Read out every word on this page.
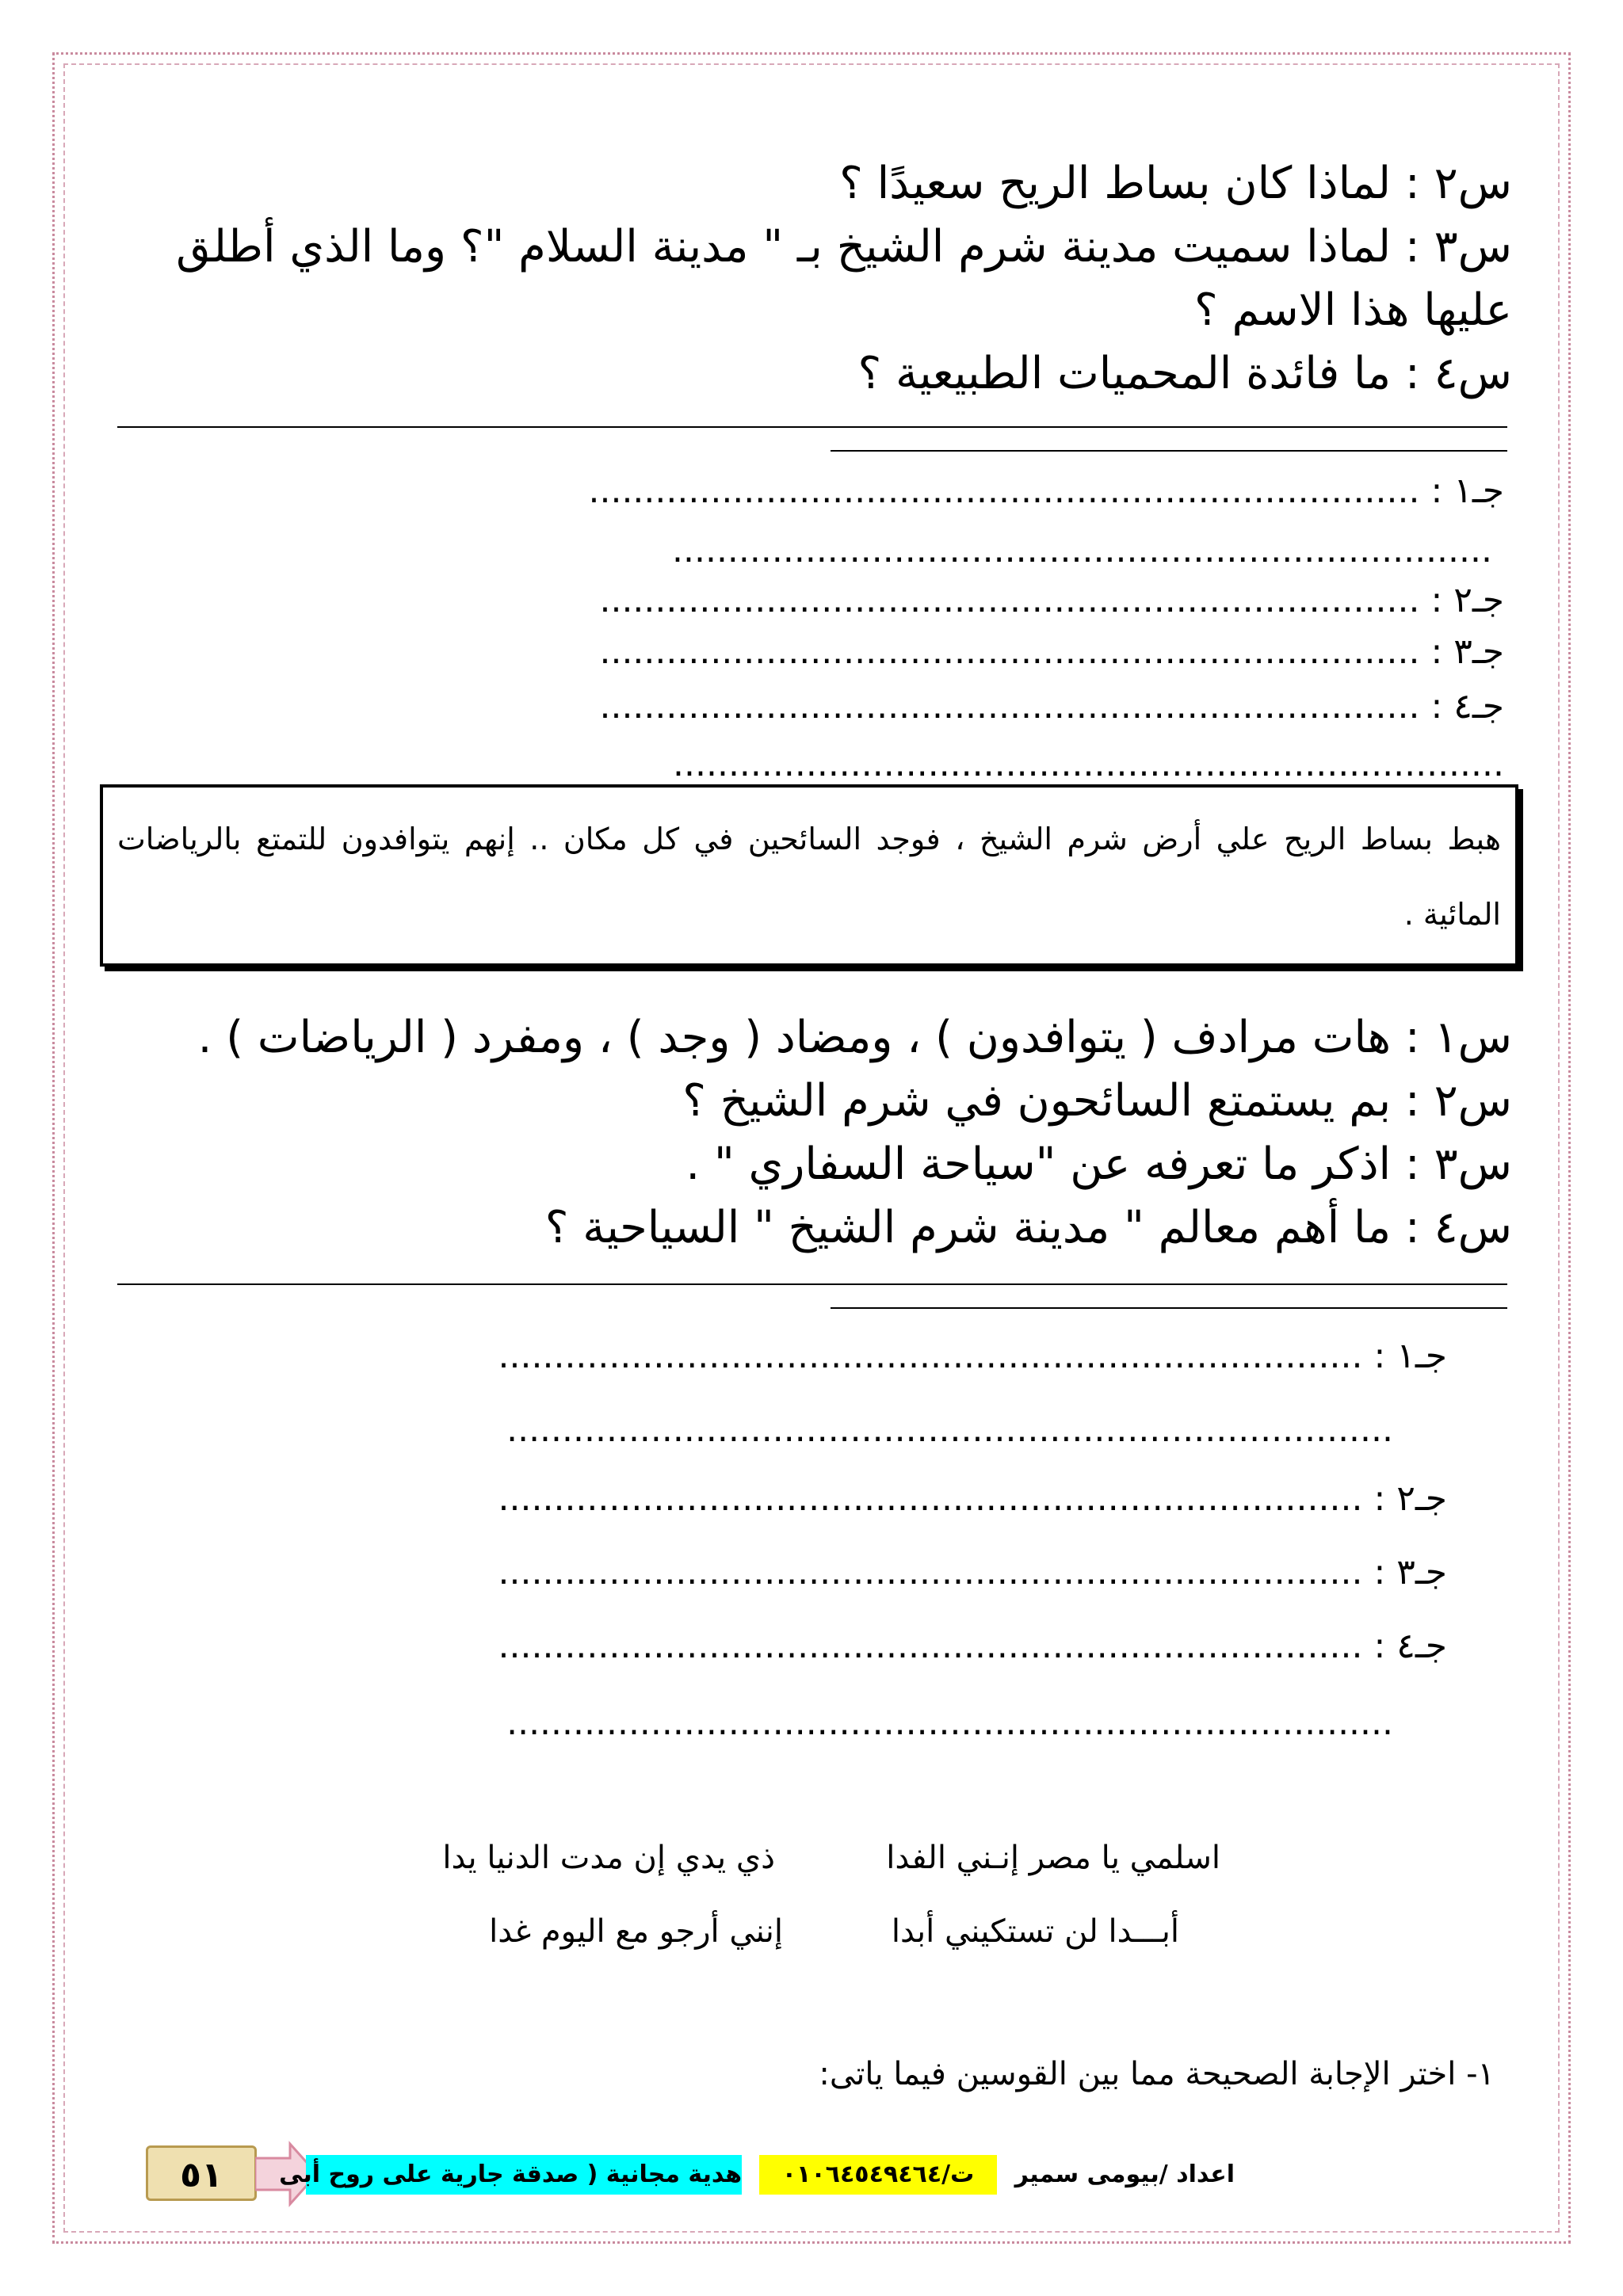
س٢ : لماذا كان بساط الريح سعيدًا ؟
س٣ : لماذا سميت مدينة شرم الشيخ بـ " مدينة السلام "؟ وما الذي أطلق
عليها هذا الاسم ؟
س٤ : ما فائدة المحميات الطبيعية ؟
جـ١ : ...........................................................................
..........................................................................
جـ٢ : ..........................................................................
جـ٣ : ..........................................................................
جـ٤ : ..........................................................................
...........................................................................
هبط بساط الريح علي أرض شرم الشيخ ، فوجد السائحين في كل مكان .. إنهم يتوافدون للتمتع بالرياضات المائية .
س١ : هات مرادف ( يتوافدون ) ، ومضاد ( وجد ) ، ومفرد ( الرياضات ) .
س٢ : بم يستمتع السائحون في شرم الشيخ ؟
س٣ : اذكر ما تعرفه عن "سياحة السفاري " .
س٤ : ما أهم معالم " مدينة شرم الشيخ " السياحية ؟
جـ١ : ..............................................................................
................................................................................
جـ٢ : ..............................................................................
جـ٣ : ..............................................................................
جـ٤ : ..............................................................................
................................................................................
اسلمي يا مصر إنـني الفدا
ذي يدي إن مدت الدنيا يدا
أبـــدا لن تستكيني أبدا
إنني أرجو مع اليوم غدا
١- اختر الإجابة الصحيحة مما بين القوسين فيما ياتى:
٥١	هدية مجانية ( صدقة جارية على روح أبى	ت/٠١٠٦٤٥٤٩٤٦٤	اعداد /بيومى سمير
